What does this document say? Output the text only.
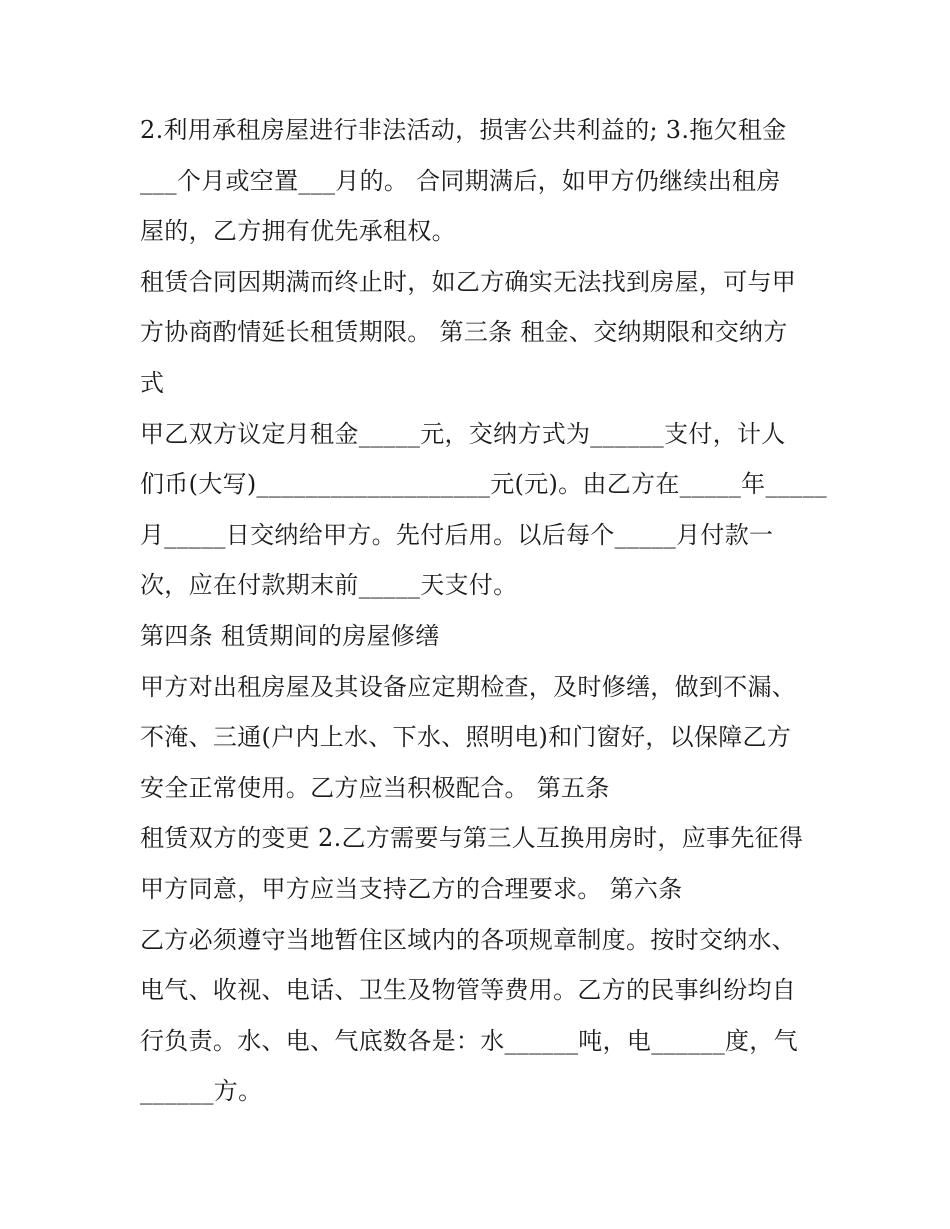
2.利用承租房屋进行非法活动，损害公共利益的; 3.拖欠租金
___个月或空置___月的。 合同期满后，如甲方仍继续出租房
屋的，乙方拥有优先承租权。
租赁合同因期满而终止时，如乙方确实无法找到房屋，可与甲
方协商酌情延长租赁期限。 第三条 租金、交纳期限和交纳方
式
甲乙双方议定月租金_____元，交纳方式为______支付，计人
们币(大写)___________________元(元)。由乙方在_____年_____
月_____日交纳给甲方。先付后用。以后每个_____月付款一
次，应在付款期末前_____天支付。
第四条 租赁期间的房屋修缮
甲方对出租房屋及其设备应定期检查，及时修缮，做到不漏、
不淹、三通(户内上水、下水、照明电)和门窗好，以保障乙方
安全正常使用。乙方应当积极配合。 第五条
租赁双方的变更 2.乙方需要与第三人互换用房时，应事先征得
甲方同意，甲方应当支持乙方的合理要求。 第六条
乙方必须遵守当地暂住区域内的各项规章制度。按时交纳水、
电气、收视、电话、卫生及物管等费用。乙方的民事纠纷均自
行负责。水、电、气底数各是：水______吨，电______度，气
______方。
